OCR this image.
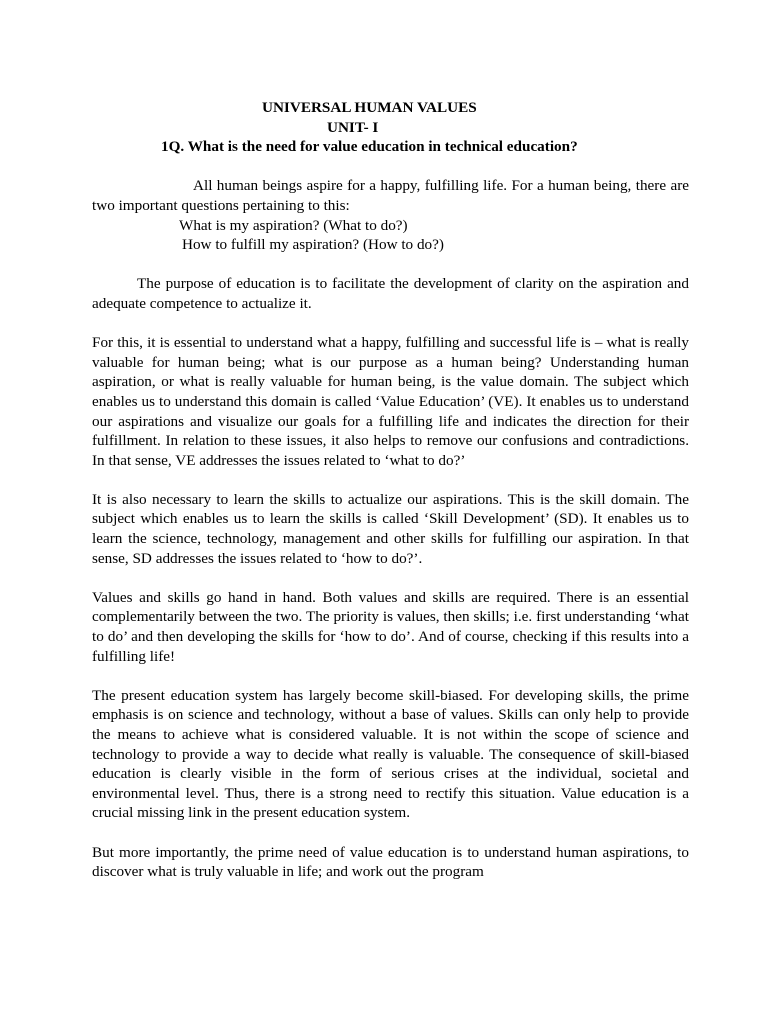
UNIVERSAL HUMAN VALUES
UNIT- I
1Q. What is the need for value education in technical education?

All human beings aspire for a happy, fulfilling life. For a human being, there are two important questions pertaining to this:

What is my aspiration? (What to do?)
How to fulfill my aspiration? (How to do?)

The purpose of education is to facilitate the development of clarity on the aspiration and adequate competence to actualize it.

For this, it is essential to understand what a happy, fulfilling and successful life is – what is really valuable for human being; what is our purpose as a human being? Understanding human aspiration, or what is really valuable for human being, is the value domain. The subject which enables us to understand this domain is called ‘Value Education’ (VE). It enables us to understand our aspirations and visualize our goals for a fulfilling life and indicates the direction for their fulfillment. In relation to these issues, it also helps to remove our confusions and contradictions. In that sense, VE addresses the issues related to ‘what to do?’

It is also necessary to learn the skills to actualize our aspirations. This is the skill domain. The subject which enables us to learn the skills is called ‘Skill Development’ (SD). It enables us to learn the science, technology, management and other skills for fulfilling our aspiration. In that sense, SD addresses the issues related to ‘how to do?’.

Values and skills go hand in hand. Both values and skills are required. There is an essential complementarily between the two. The priority is values, then skills; i.e. first understanding ‘what to do’ and then developing the skills for ‘how to do’. And of course, checking if this results into a fulfilling life!

The present education system has largely become skill-biased. For developing skills, the prime emphasis is on science and technology, without a base of values. Skills can only help to provide the means to achieve what is considered valuable. It is not within the scope of science and technology to provide a way to decide what really is valuable. The consequence of skill-biased education is clearly visible in the form of serious crises at the individual, societal and environmental level. Thus, there is a strong need to rectify this situation. Value education is a crucial missing link in the present education system.

But more importantly, the prime need of value education is to understand human aspirations, to discover what is truly valuable in life; and work out the program
